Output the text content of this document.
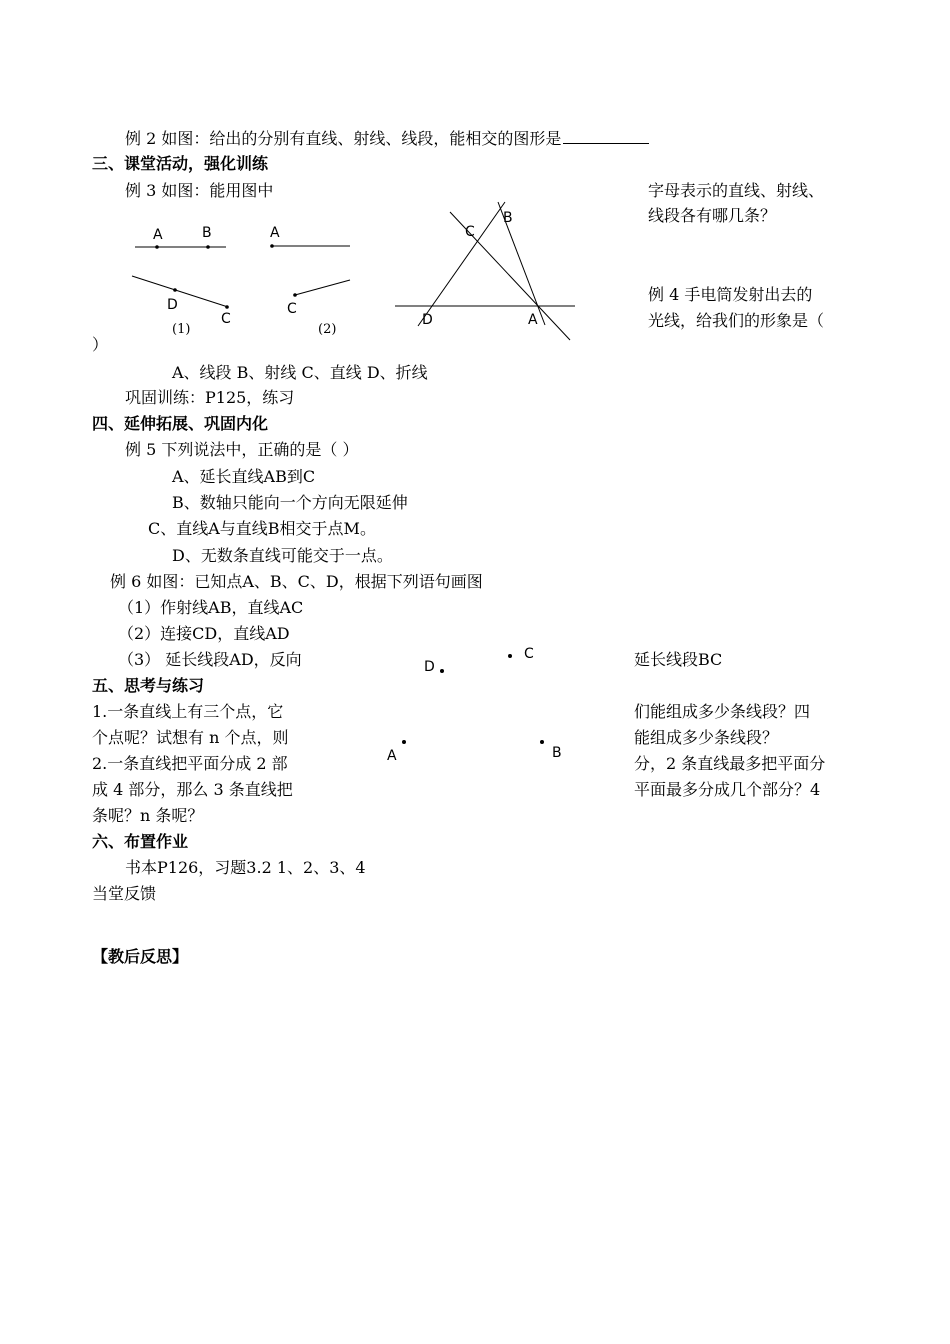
例 2 如图：给出的分别有直线、射线、线段，能相交的图形是
三、课堂活动，强化训练
例 3 如图：能用图中	字母表示的直线、射线、
线段各有哪几条？
例 4 手电筒发射出去的
光线，给我们的形象是（
）
A	B	A
D
C
(1)
C
(2)
C
B
D	A
A、线段 B、射线 C、直线 D、折线
巩固训练：P125，练习
四、延伸拓展、巩固内化
例 5 下列说法中，正确的是（ ）
A、延长直线AB到C
B、数轴只能向一个方向无限延伸
C、直线A与直线B相交于点M。
D、无数条直线可能交于一点。
例 6 如图：已知点A、B、C、D，根据下列语句画图
（1）作射线AB，直线AC
（2）连接CD，直线AD
（3） 延长线段AD，反向	延长线段BC
D
C
A	B
五、思考与练习
1.一条直线上有三个点，它	们能组成多少条线段？四
个点呢？试想有 n 个点，则	能组成多少条线段？
2.一条直线把平面分成 2 部	分，2 条直线最多把平面分
成 4 部分，那么 3 条直线把	平面最多分成几个部分？4
条呢？n 条呢？
六、布置作业
书本P126，习题3.2 1、2、3、4
当堂反馈
【教后反思】
